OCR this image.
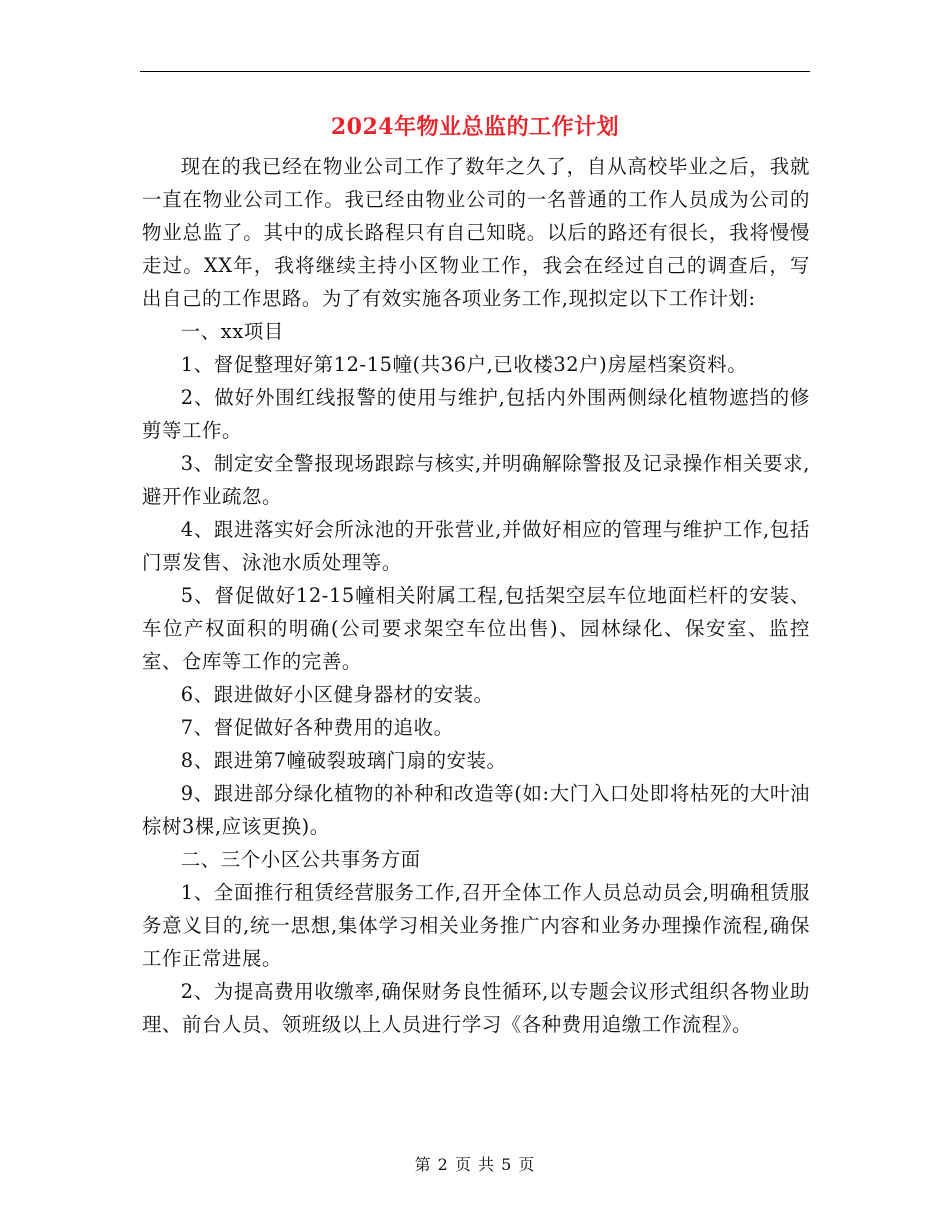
2024年物业总监的工作计划

现在的我已经在物业公司工作了数年之久了，自从高校毕业之后，我就一直在物业公司工作。我已经由物业公司的一名普通的工作人员成为公司的物业总监了。其中的成长路程只有自己知晓。以后的路还有很长，我将慢慢走过。XX年，我将继续主持小区物业工作，我会在经过自己的调查后，写出自己的工作思路。为了有效实施各项业务工作,现拟定以下工作计划:

一、xx项目

1、督促整理好第12-15幢(共36户,已收楼32户)房屋档案资料。

2、做好外围红线报警的使用与维护,包括内外围两侧绿化植物遮挡的修剪等工作。

3、制定安全警报现场跟踪与核实,并明确解除警报及记录操作相关要求,避开作业疏忽。

4、跟进落实好会所泳池的开张营业,并做好相应的管理与维护工作,包括门票发售、泳池水质处理等。

5、督促做好12-15幢相关附属工程,包括架空层车位地面栏杆的安装、车位产权面积的明确(公司要求架空车位出售)、园林绿化、保安室、监控室、仓库等工作的完善。

6、跟进做好小区健身器材的安装。

7、督促做好各种费用的追收。

8、跟进第7幢破裂玻璃门扇的安装。

9、跟进部分绿化植物的补种和改造等(如:大门入口处即将枯死的大叶油棕树3棵,应该更换)。

二、三个小区公共事务方面

1、全面推行租赁经营服务工作,召开全体工作人员总动员会,明确租赁服务意义目的,统一思想,集体学习相关业务推广内容和业务办理操作流程,确保工作正常进展。

2、为提高费用收缴率,确保财务良性循环,以专题会议形式组织各物业助理、前台人员、领班级以上人员进行学习《各种费用追缴工作流程》。

第 2 页 共 5 页
